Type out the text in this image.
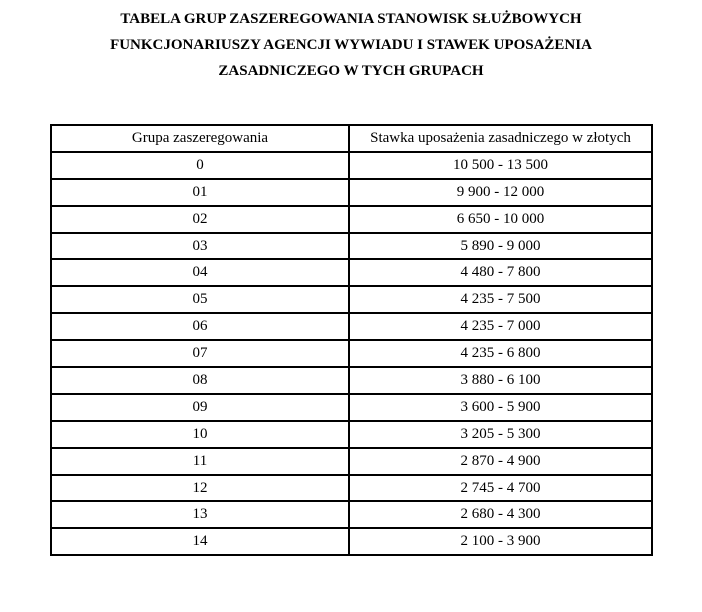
TABELA GRUP ZASZEREGOWANIA STANOWISK SŁUŻBOWYCH
FUNKCJONARIUSZY AGENCJI WYWIADU I STAWEK UPOSAŻENIA
ZASADNICZEGO W TYCH GRUPACH
Grupa zaszeregowania	Stawka uposażenia zasadniczego w złotych
0	10 500 - 13 500
01	9 900 - 12 000
02	6 650 - 10 000
03	5 890 - 9 000
04	4 480 - 7 800
05	4 235 - 7 500
06	4 235 - 7 000
07	4 235 - 6 800
08	3 880 - 6 100
09	3 600 - 5 900
10	3 205 - 5 300
11	2 870 - 4 900
12	2 745 - 4 700
13	2 680 - 4 300
14	2 100 - 3 900
